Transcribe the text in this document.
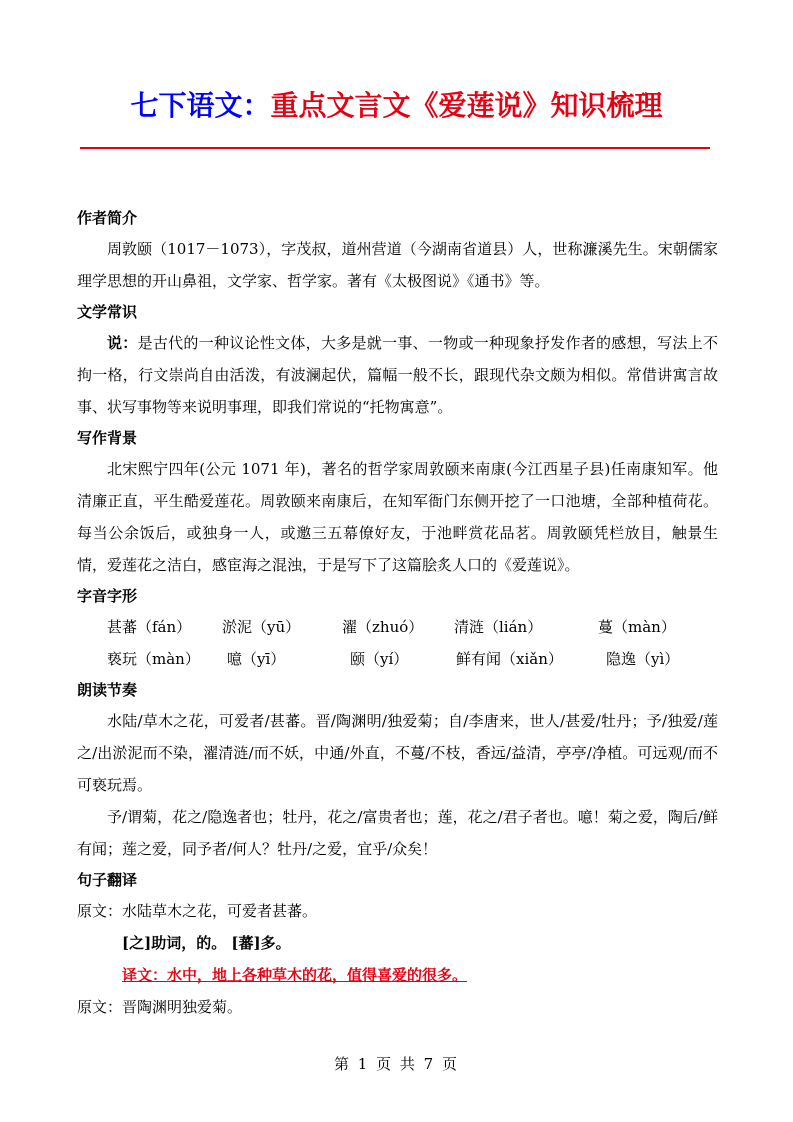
七下语文：重点文言文《爱莲说》知识梳理
作者简介
周敦颐（1017－1073），字茂叔，道州营道（今湖南省道县）人，世称濂溪先生。宋朝儒家理学思想的开山鼻祖，文学家、哲学家。著有《太极图说》《通书》等。
文学常识
说：是古代的一种议论性文体，大多是就一事、一物或一种现象抒发作者的感想，写法上不拘一格，行文崇尚自由活泼，有波澜起伏，篇幅一般不长，跟现代杂文颇为相似。常借讲寓言故事、状写事物等来说明事理，即我们常说的“托物寓意”。
写作背景
北宋熙宁四年(公元 1071 年)，著名的哲学家周敦颐来南康(今江西星子县)任南康知军。他清廉正直，平生酷爱莲花。周敦颐来南康后，在知军衙门东侧开挖了一口池塘，全部种植荷花。每当公余饭后，或独身一人，或邀三五幕僚好友，于池畔赏花品茗。周敦颐凭栏放目，触景生情，爱莲花之洁白，感宦海之混浊，于是写下了这篇脍炙人口的《爱莲说》。
字音字形
甚蕃（fán）	淤泥（yū）	濯（zhuó）	清涟（lián）	蔓（màn）
亵玩（màn）	噫（yī）	颐（yí）	鲜有闻（xiǎn）	隐逸（yì）
朗读节奏
水陆/草木之花，可爱者/甚蕃。晋/陶渊明/独爱菊；自/李唐来，世人/甚爱/牡丹；予/独爱/莲之/出淤泥而不染，濯清涟/而不妖，中通/外直，不蔓/不枝，香远/益清，亭亭/净植。可远观/而不可亵玩焉。
予/谓菊，花之/隐逸者也；牡丹，花之/富贵者也；莲，花之/君子者也。噫！菊之爱，陶后/鲜有闻；莲之爱，同予者/何人？牡丹/之爱，宜乎/众矣！
句子翻译
原文：水陆草木之花，可爱者甚蕃。
[之]助词，的。 [蕃]多。
译文：水中，地上各种草木的花，值得喜爱的很多。
原文：晋陶渊明独爱菊。
第 1 页 共 7 页
